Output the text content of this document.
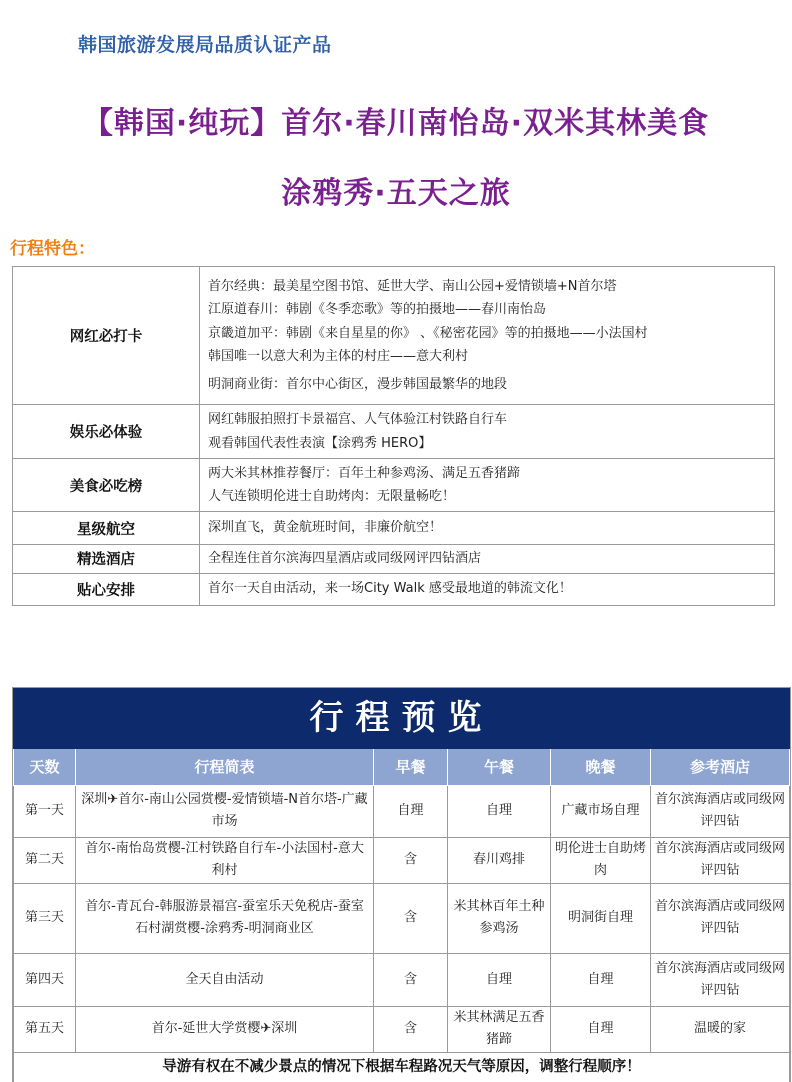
韩国旅游发展局品质认证产品
【韩国·纯玩】首尔·春川南怡岛·双米其林美食
涂鸦秀·五天之旅
行程特色：
网红必打卡	首尔经典：最美星空图书馆、延世大学、南山公园+爱情锁墙+N首尔塔
江原道春川：韩剧《冬季恋歌》等的拍摄地——春川南怡岛
京畿道加平：韩剧《来自星星的你》 、《秘密花园》等的拍摄地——小法国村
韩国唯一以意大利为主体的村庄——意大利村
明洞商业街：首尔中心街区，漫步韩国最繁华的地段

娱乐必体验	网红韩服拍照打卡景福宫、人气体验江村铁路自行车
观看韩国代表性表演【涂鸦秀 HERO】

美食必吃榜	两大米其林推荐餐厅：百年土种参鸡汤、满足五香猪蹄
人气连锁明伦进士自助烤肉：无限量畅吃！

星级航空	深圳直飞，黄金航班时间，非廉价航空！

精选酒店	全程连住首尔滨海四星酒店或同级网评四钻酒店

贴心安排	首尔一天自由活动，来一场City Walk 感受最地道的韩流文化！
行程预览
天数	行程简表	早餐	午餐	晚餐	参考酒店
第一天	深圳✈首尔-南山公园赏樱-爱情锁墙-N首尔塔-广藏市场	自理	自理	广藏市场自理	首尔滨海酒店或同级网评四钻
第二天	首尔-南怡岛赏樱-江村铁路自行车-小法国村-意大利村	含	春川鸡排	明伦进士自助烤肉	首尔滨海酒店或同级网评四钻
第三天	首尔-青瓦台-韩服游景福宫-蚕室乐天免税店-蚕室石村湖赏樱-涂鸦秀-明洞商业区	含	米其林百年土种参鸡汤	明洞街自理	首尔滨海酒店或同级网评四钻
第四天	全天自由活动	含	自理	自理	首尔滨海酒店或同级网评四钻
第五天	首尔-延世大学赏樱✈深圳	含	米其林满足五香猪蹄	自理	温暖的家
导游有权在不减少景点的情况下根据车程路况天气等原因，调整行程顺序！					
